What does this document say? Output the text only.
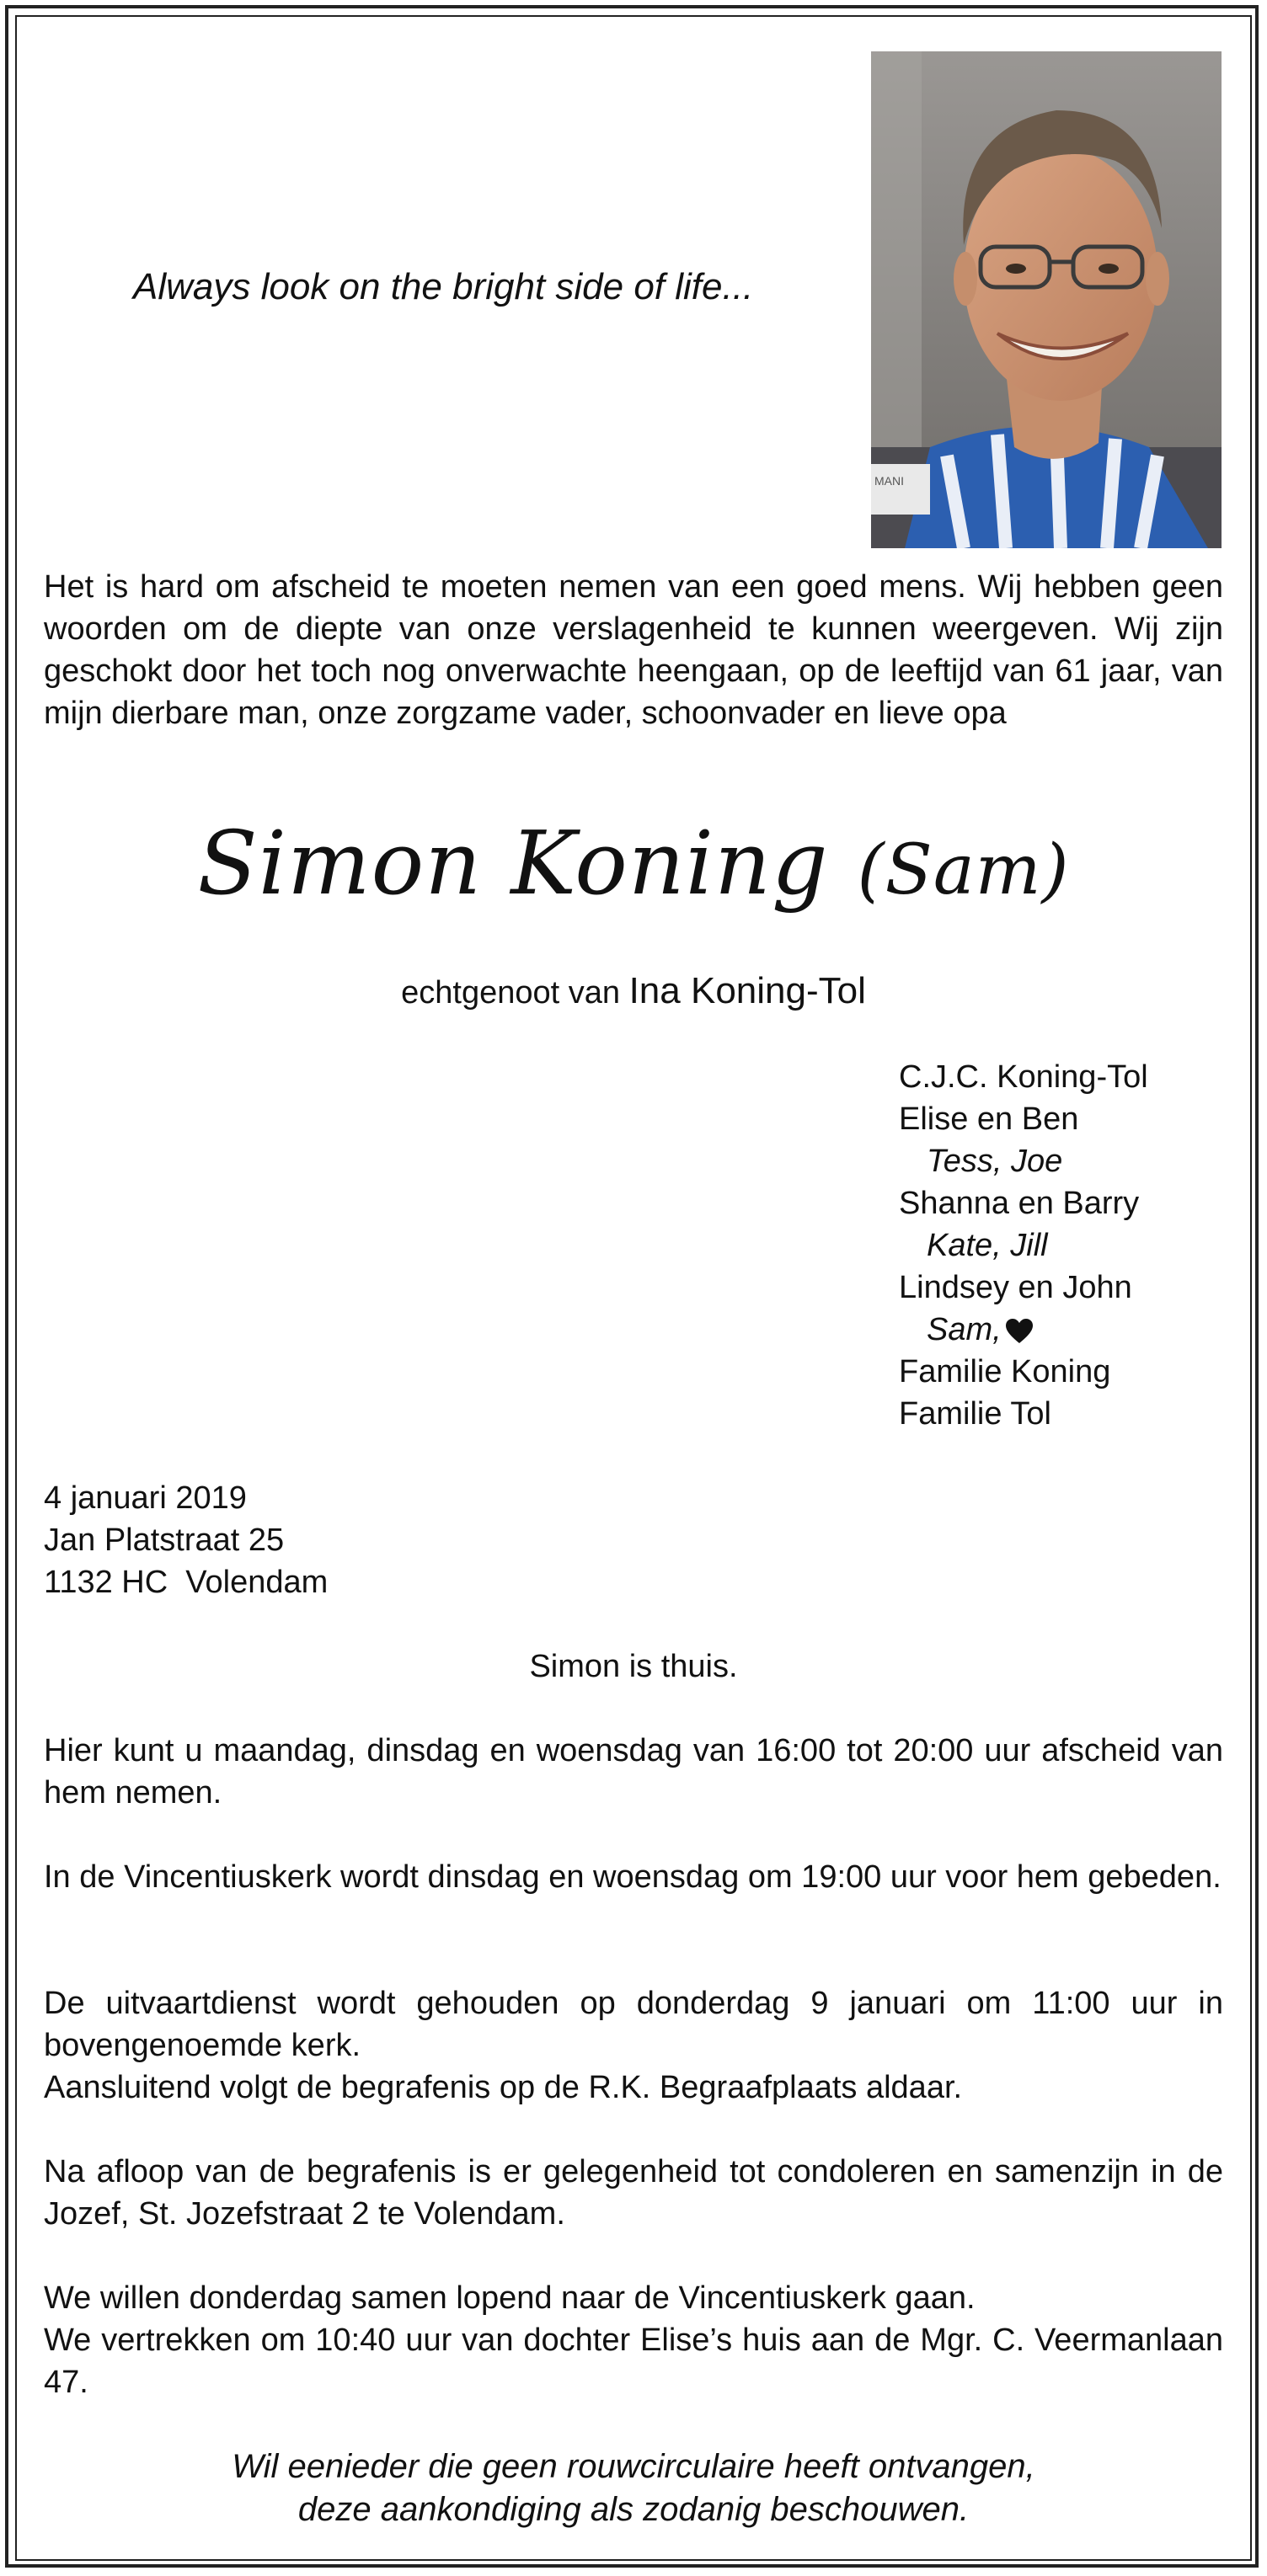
Always look on the bright side of life...
MANI
Het is hard om afscheid te moeten nemen van een goed mens. Wij hebben geen woorden om de diepte van onze verslagenheid te kunnen weergeven. Wij zijn geschokt door het toch nog onverwachte heengaan, op de leeftijd van 61 jaar, van mijn dierbare man, onze zorgzame vader, schoonvader en lieve opa
Simon Koning (Sam)
echtgenoot van Ina Koning-Tol
C.J.C. Koning-Tol
Elise en Ben
Tess, Joe
Shanna en Barry
Kate, Jill
Lindsey en John
Sam,
Familie Koning
Familie Tol
4 januari 2019
Jan Platstraat 25
1132 HC  Volendam
Simon is thuis.
Hier kunt u maandag, dinsdag en woensdag van 16:00 tot 20:00 uur afscheid van hem nemen.
In de Vincentiuskerk wordt dinsdag en woensdag om 19:00 uur voor hem gebeden.
De uitvaartdienst wordt gehouden op donderdag 9 januari om 11:00 uur in bovengenoemde kerk.
Aansluitend volgt de begrafenis op de R.K. Begraafplaats aldaar.
Na afloop van de begrafenis is er gelegenheid tot condoleren en samenzijn in de Jozef, St. Jozefstraat 2 te Volendam.
We willen donderdag samen lopend naar de Vincentiuskerk gaan.
We vertrekken om 10:40 uur van dochter Elise’s huis aan de Mgr. C. Veermanlaan 47.
Wil eenieder die geen rouwcirculaire heeft ontvangen,
deze aankondiging als zodanig beschouwen.
